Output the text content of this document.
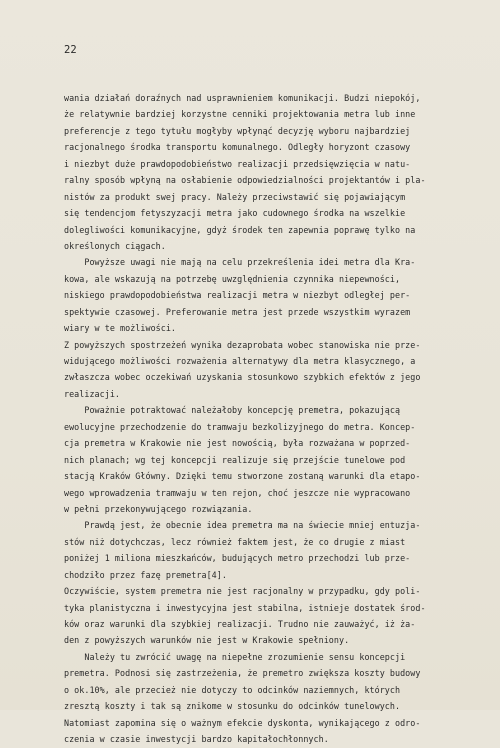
22
wania działań doraźnych nad usprawnieniem komunikacji. Budzi niepokój,
że relatywnie bardziej korzystne cenniki projektowania metra lub inne
preferencje z tego tytułu mogłyby wpłynąć decyzję wyboru najbardziej
racjonalnego środka transportu komunalnego. Odległy horyzont czasowy
i niezbyt duże prawdopodobieństwo realizacji przedsięwzięcia w natu-
ralny sposób wpłyną na osłabienie odpowiedzialności projektantów i pla-
nistów za produkt swej pracy. Należy przeciwstawić się pojawiającym
się tendencjom fetyszyzacji metra jako cudownego środka na wszelkie
dolegliwości komunikacyjne, gdyż środek ten zapewnia poprawę tylko na
określonych ciągach.
Powyższe uwagi nie mają na celu przekreślenia idei metra dla Kra-
kowa, ale wskazują na potrzebę uwzględnienia czynnika niepewności,
niskiego prawdopodobieństwa realizacji metra w niezbyt odległej per-
spektywie czasowej. Preferowanie metra jest przede wszystkim wyrazem
wiary w te możliwości.
Z powyższych spostrzeżeń wynika dezaprobata wobec stanowiska nie prze-
widującego możliwości rozważenia alternatywy dla metra klasycznego, a
zwłaszcza wobec oczekiwań uzyskania stosunkowo szybkich efektów z jego
realizacji.
Poważnie potraktować należałoby koncepcję premetra, pokazującą
ewolucyjne przechodzenie do tramwaju bezkolizyjnego do metra. Koncep-
cja premetra w Krakowie nie jest nowością, była rozważana w poprzed-
nich planach; wg tej koncepcji realizuje się przejście tunelowe pod
stacją Kraków Główny. Dzięki temu stworzone zostaną warunki dla etapo-
wego wprowadzenia tramwaju w ten rejon, choć jeszcze nie wypracowano
w pełni przekonywującego rozwiązania.
Prawdą jest, że obecnie idea premetra ma na świecie mniej entuzja-
stów niż dotychczas, lecz również faktem jest, że co drugie z miast
poniżej 1 miliona mieszkańców, budujących metro przechodzi lub prze-
chodziło przez fazę premetra[4].
Oczywiście, system premetra nie jest racjonalny w przypadku, gdy poli-
tyka planistyczna i inwestycyjna jest stabilna, istnieje dostatek środ-
ków oraz warunki dla szybkiej realizacji. Trudno nie zauważyć, iż ża-
den z powyższych warunków nie jest w Krakowie spełniony.
Należy tu zwrócić uwagę na niepełne zrozumienie sensu koncepcji
premetra. Podnosi się zastrzeżenia, że premetro zwiększa koszty budowy
o ok.10%, ale przecież nie dotyczy to odcinków naziemnych, których
zresztą koszty i tak są znikome w stosunku do odcinków tunelowych.
Natomiast zapomina się o ważnym efekcie dyskonta, wynikającego z odro-
czenia w czasie inwestycji bardzo kapitałochłonnych.
